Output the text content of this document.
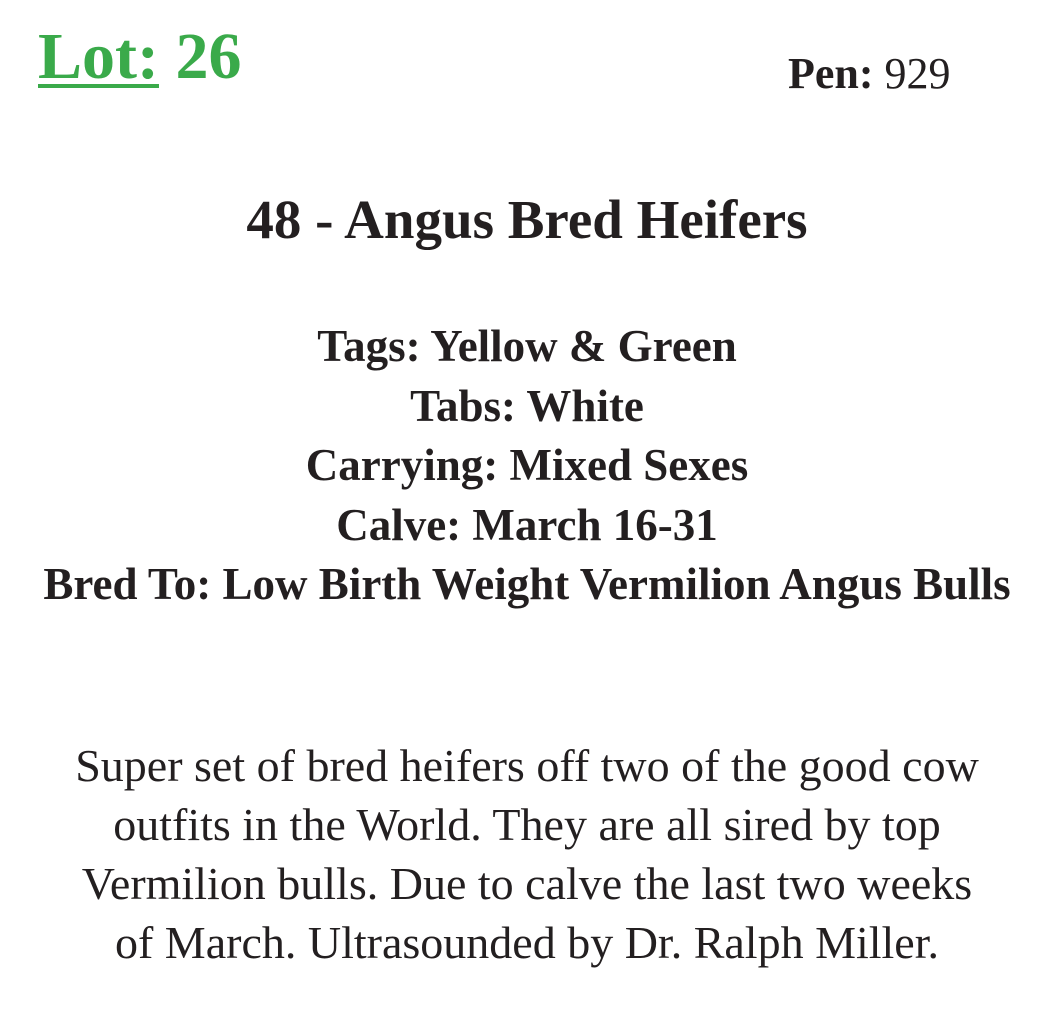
Lot: 26	Pen: 929
48 - Angus Bred Heifers
Tags: Yellow & Green
Tabs: White
Carrying: Mixed Sexes
Calve: March 16-31
Bred To: Low Birth Weight Vermilion Angus Bulls
Super set of bred heifers off two of the good cow
outfits in the World. They are all sired by top
Vermilion bulls. Due to calve the last two weeks
of March. Ultrasounded by Dr. Ralph Miller.
